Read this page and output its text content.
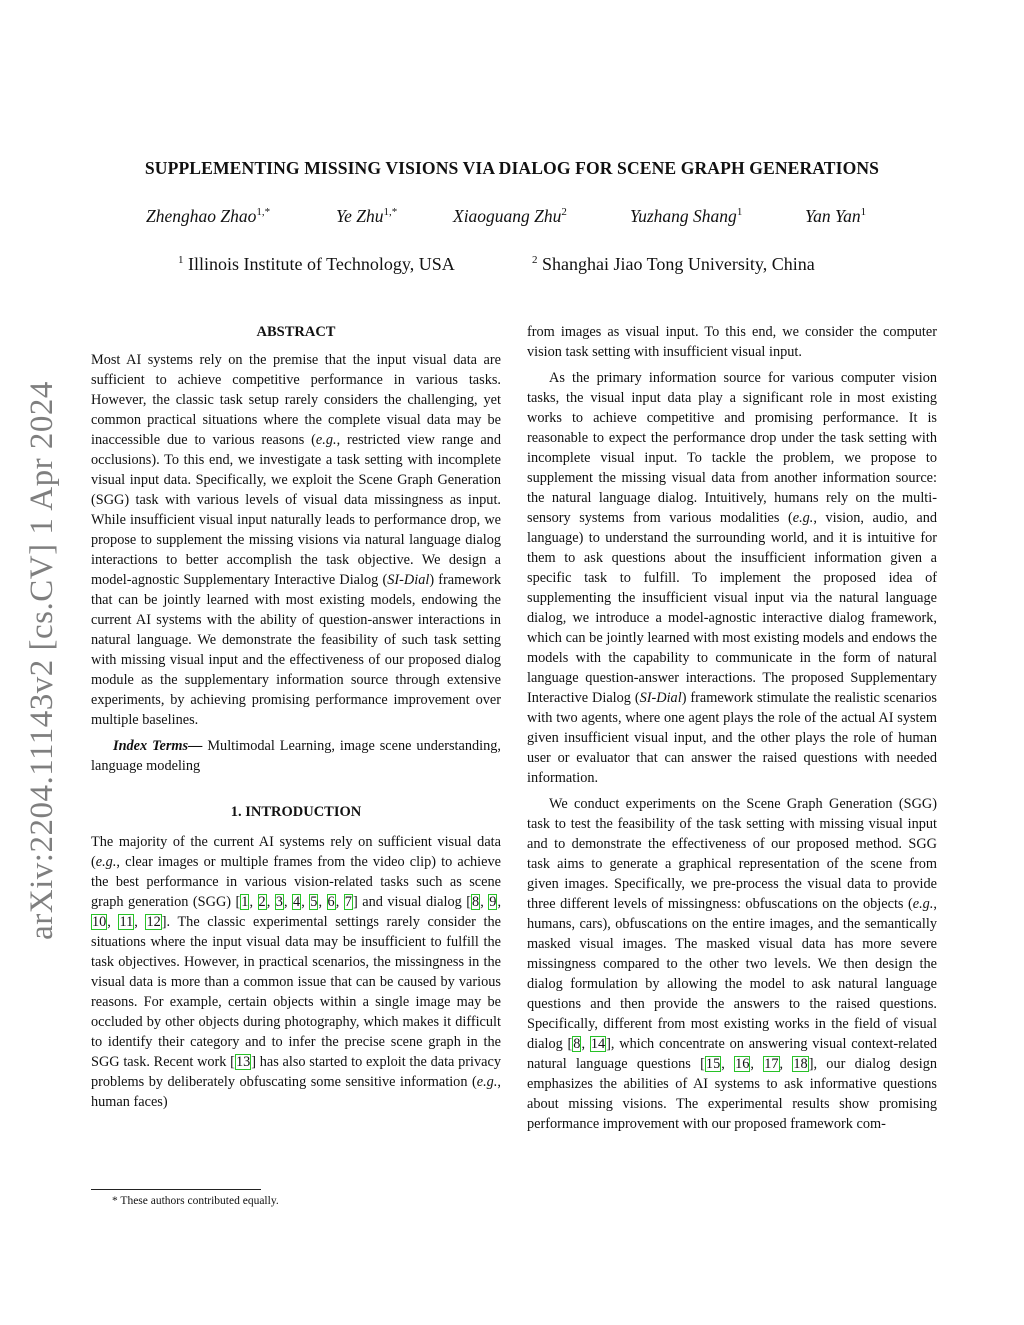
arXiv:2204.11143v2 [cs.CV] 1 Apr 2024
SUPPLEMENTING MISSING VISIONS VIA DIALOG FOR SCENE GRAPH GENERATIONS
Zhenghao Zhao$^{1,*}$	Ye Zhu$^{1,*}$	Xiaoguang Zhu$^2$	Yuzhang Shang$^1$	Yan Yan$^1$
$^1$ Illinois Institute of Technology, USA	$^2$ Shanghai Jiao Tong University, China
ABSTRACT

Most AI systems rely on the premise that the input visual data are sufficient to achieve competitive performance in various tasks. However, the classic task setup rarely considers the challenging, yet common practical situations where the complete visual data may be inaccessible due to various reasons (e.g., restricted view range and occlusions). To this end, we investigate a task setting with incomplete visual input data. Specifically, we exploit the Scene Graph Generation (SGG) task with various levels of visual data missingness as input. While insufficient visual input naturally leads to performance drop, we propose to supplement the missing visions via natural language dialog interactions to better accomplish the task objective. We design a model-agnostic Supplementary Interactive Dialog (SI-Dial) framework that can be jointly learned with most existing models, endowing the current AI systems with the ability of question-answer interactions in natural language. We demonstrate the feasibility of such task setting with missing visual input and the effectiveness of our proposed dialog module as the supplementary information source through extensive experiments, by achieving promising performance improvement over multiple baselines.

Index Terms— Multimodal Learning, image scene understanding, language modeling

1. INTRODUCTION

The majority of the current AI systems rely on sufficient visual data (e.g., clear images or multiple frames from the video clip) to achieve the best performance in various vision-related tasks such as scene graph generation (SGG) [1, 2, 3, 4, 5, 6, 7] and visual dialog [8, 9, 10, 11, 12]. The classic experimental settings rarely consider the situations where the input visual data may be insufficient to fulfill the task objectives. However, in practical scenarios, the missingness in the visual data is more than a common issue that can be caused by various reasons. For example, certain objects within a single image may be occluded by other objects during photography, which makes it difficult to identify their category and to infer the precise scene graph in the SGG task. Recent work [13] has also started to exploit the data privacy problems by deliberately obfuscating some sensitive information (e.g., human faces)

from images as visual input. To this end, we consider the computer vision task setting with insufficient visual input.

As the primary information source for various computer vision tasks, the visual input data play a significant role in most existing works to achieve competitive and promising performance. It is reasonable to expect the performance drop under the task setting with incomplete visual input. To tackle the problem, we propose to supplement the missing visual data from another information source: the natural language dialog. Intuitively, humans rely on the multi-sensory systems from various modalities (e.g., vision, audio, and language) to understand the surrounding world, and it is intuitive for them to ask questions about the insufficient information given a specific task to fulfill. To implement the proposed idea of supplementing the insufficient visual input via the natural language dialog, we introduce a model-agnostic interactive dialog framework, which can be jointly learned with most existing models and endows the models with the capability to communicate in the form of natural language question-answer interactions. The proposed Supplementary Interactive Dialog (SI-Dial) framework stimulate the realistic scenarios with two agents, where one agent plays the role of the actual AI system given insufficient visual input, and the other plays the role of human user or evaluator that can answer the raised questions with needed information.

We conduct experiments on the Scene Graph Generation (SGG) task to test the feasibility of the task setting with missing visual input and to demonstrate the effectiveness of our proposed method. SGG task aims to generate a graphical representation of the scene from given images. Specifically, we pre-process the visual data to provide three different levels of missingness: obfuscations on the objects (e.g., humans, cars), obfuscations on the entire images, and the semantically masked visual images. The masked visual data has more severe missingness compared to the other two levels. We then design the dialog formulation by allowing the model to ask natural language questions and then provide the answers to the raised questions. Specifically, different from most existing works in the field of visual dialog [8, 14], which concentrate on answering visual context-related natural language questions [15, 16, 17, 18], our dialog design emphasizes the abilities of AI systems to ask informative questions about missing visions. The experimental results show promising performance improvement with our proposed framework com-

* These authors contributed equally.
